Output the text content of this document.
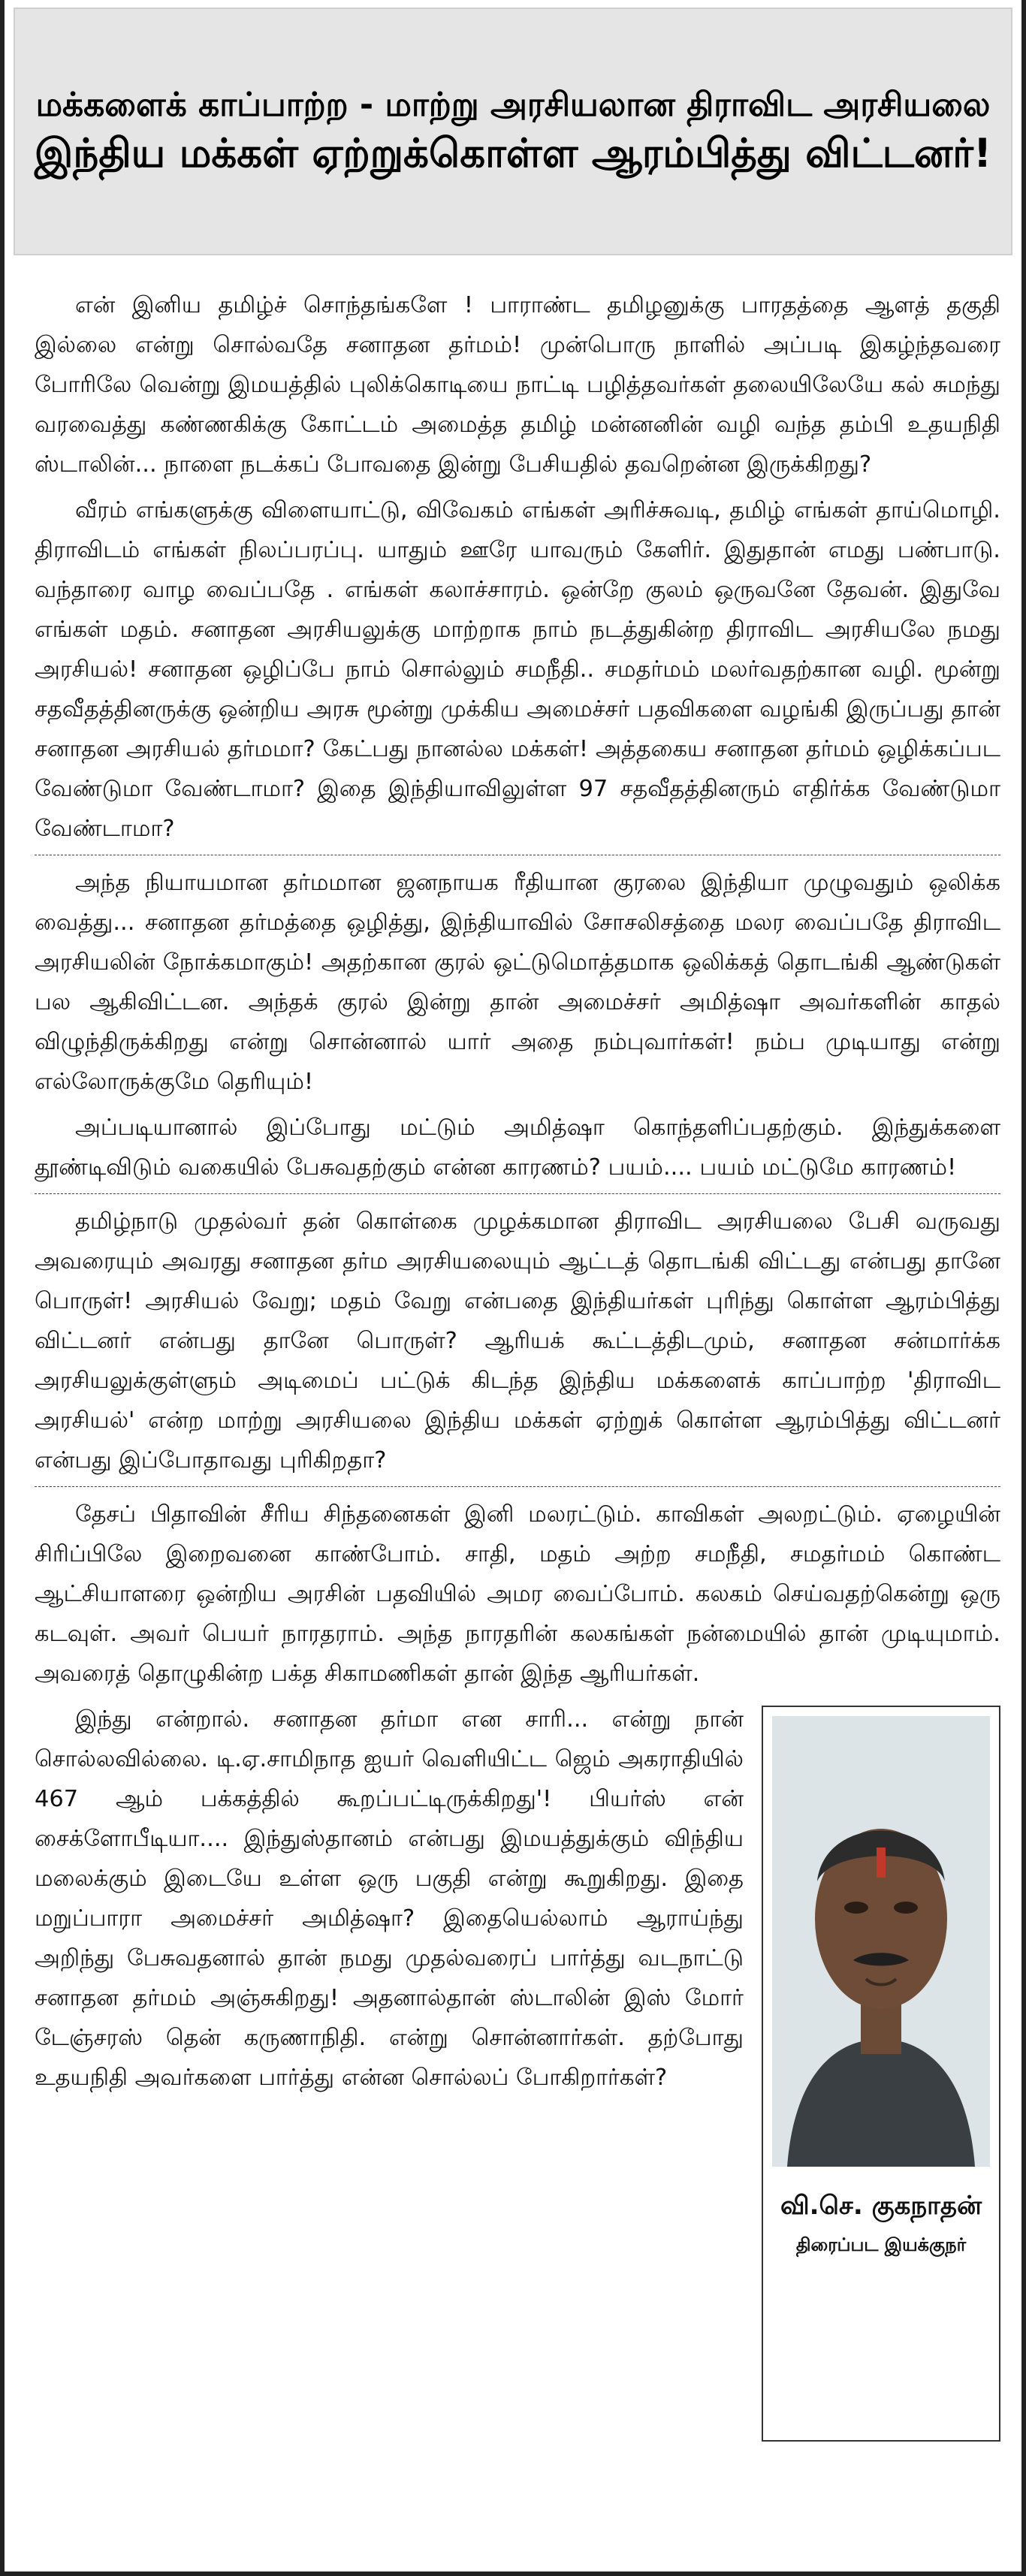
மக்களைக் காப்பாற்ற - மாற்று அரசியலான திராவிட அரசியலை
இந்திய மக்கள் ஏற்றுக்கொள்ள ஆரம்பித்து விட்டனர்!

என் இனிய தமிழ்ச் சொந்தங்களே ! பாராண்ட தமிழனுக்கு பாரதத்தை ஆளத் தகுதி இல்லை என்று சொல்வதே சனாதன தர்மம்! முன்பொரு நாளில் அப்படி இகழ்ந்தவரை போரிலே வென்று இமயத்தில் புலிக்கொடியை நாட்டி பழித்தவர்கள் தலையிலேயே கல் சுமந்து வரவைத்து கண்ணகிக்கு கோட்டம் அமைத்த தமிழ் மன்னனின் வழி வந்த தம்பி உதயநிதி ஸ்டாலின்... நாளை நடக்கப் போவதை இன்று பேசியதில் தவறென்ன இருக்கிறது?

வீரம் எங்களுக்கு விளையாட்டு, விவேகம் எங்கள் அரிச்சுவடி, தமிழ் எங்கள் தாய்மொழி. திராவிடம் எங்கள் நிலப்பரப்பு. யாதும் ஊரே யாவரும் கேளிர். இதுதான் எமது பண்பாடு. வந்தாரை வாழ வைப்பதே . எங்கள் கலாச்சாரம். ஒன்றே குலம் ஒருவனே தேவன். இதுவே எங்கள் மதம். சனாதன அரசியலுக்கு மாற்றாக நாம் நடத்துகின்ற திராவிட அரசியலே நமது அரசியல்! சனாதன ஒழிப்பே நாம் சொல்லும் சமநீதி.. சமதர்மம் மலர்வதற்கான வழி. மூன்று சதவீதத்தினருக்கு ஒன்றிய அரசு மூன்று முக்கிய அமைச்சர் பதவிகளை வழங்கி இருப்பது தான் சனாதன அரசியல் தர்மமா? கேட்பது நானல்ல மக்கள்! அத்தகைய சனாதன தர்மம் ஒழிக்கப்பட வேண்டுமா வேண்டாமா? இதை இந்தியாவிலுள்ள 97 சதவீதத்தினரும் எதிர்க்க வேண்டுமா வேண்டாமா?

அந்த நியாயமான தர்மமான ஜனநாயக ரீதியான குரலை இந்தியா முழுவதும் ஒலிக்க வைத்து... சனாதன தர்மத்தை ஒழித்து, இந்தியாவில் சோசலிசத்தை மலர வைப்பதே திராவிட அரசியலின் நோக்கமாகும்! அதற்கான குரல் ஒட்டுமொத்தமாக ஒலிக்கத் தொடங்கி ஆண்டுகள் பல ஆகிவிட்டன. அந்தக் குரல் இன்று தான் அமைச்சர் அமித்ஷா அவர்களின் காதல் விழுந்திருக்கிறது என்று சொன்னால் யார் அதை நம்புவார்கள்! நம்ப முடியாது என்று எல்லோருக்குமே தெரியும்!

அப்படியானால் இப்போது மட்டும் அமித்ஷா கொந்தளிப்பதற்கும். இந்துக்களை தூண்டிவிடும் வகையில் பேசுவதற்கும் என்ன காரணம்? பயம்.... பயம் மட்டுமே காரணம்!

தமிழ்நாடு முதல்வர் தன் கொள்கை முழக்கமான திராவிட அரசியலை பேசி வருவது அவரையும் அவரது சனாதன தர்ம அரசியலையும் ஆட்டத் தொடங்கி விட்டது என்பது தானே பொருள்! அரசியல் வேறு; மதம் வேறு என்பதை இந்தியர்கள் புரிந்து கொள்ள ஆரம்பித்து விட்டனர் என்பது தானே பொருள்? ஆரியக் கூட்டத்திடமும், சனாதன சன்மார்க்க அரசியலுக்குள்ளும் அடிமைப் பட்டுக் கிடந்த இந்திய மக்களைக் காப்பாற்ற 'திராவிட அரசியல்' என்ற மாற்று அரசியலை இந்திய மக்கள் ஏற்றுக் கொள்ள ஆரம்பித்து விட்டனர் என்பது இப்போதாவது புரிகிறதா?

தேசப் பிதாவின் சீரிய சிந்தனைகள் இனி மலரட்டும். காவிகள் அலறட்டும். ஏழையின் சிரிப்பிலே இறைவனை காண்போம். சாதி, மதம் அற்ற சமநீதி, சமதர்மம் கொண்ட ஆட்சியாளரை ஒன்றிய அரசின் பதவியில் அமர வைப்போம். கலகம் செய்வதற்கென்று ஒரு கடவுள். அவர் பெயர் நாரதராம். அந்த நாரதரின் கலகங்கள் நன்மையில் தான் முடியுமாம். அவரைத் தொழுகின்ற பக்த சிகாமணிகள் தான் இந்த ஆரியர்கள்.

வி.செ. குகநாதன்
திரைப்பட இயக்குநர்

இந்து என்றால். சனாதன தர்மா என சாரி... என்று நான் சொல்லவில்லை. டி.ஏ.சாமிநாத ஐயர் வெளியிட்ட ஜெம் அகராதியில் 467 ஆம் பக்கத்தில் கூறப்பட்டிருக்கிறது'! பியர்ஸ் என் சைக்ளோபீடியா.... இந்துஸ்தானம் என்பது இமயத்துக்கும் விந்திய மலைக்கும் இடையே உள்ள ஒரு பகுதி என்று கூறுகிறது. இதை மறுப்பாரா அமைச்சர் அமித்ஷா? இதையெல்லாம் ஆராய்ந்து அறிந்து பேசுவதனால் தான் நமது முதல்வரைப் பார்த்து வடநாட்டு சனாதன தர்மம் அஞ்சுகிறது! அதனால்தான் ஸ்டாலின் இஸ் மோர் டேஞ்சரஸ் தென் கருணாநிதி. என்று சொன்னார்கள். தற்போது உதயநிதி அவர்களை பார்த்து என்ன சொல்லப் போகிறார்கள்?
